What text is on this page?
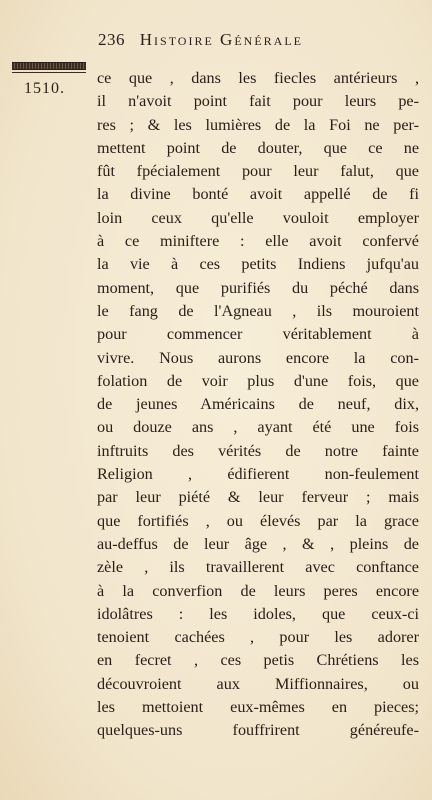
236 Histoire Générale
1510.
ce que , dans les fiecles antérieurs ,
il n'avoit point fait pour leurs pe-
res ; & les lumières de la Foi ne per-
mettent point de douter, que ce ne
fût fpécialement pour leur falut, que
la divine bonté avoit appellé de fi
loin ceux qu'elle vouloit employer
à ce miniftere : elle avoit confervé
la vie à ces petits Indiens jufqu'au
moment, que purifiés du péché dans
le fang de l'Agneau , ils mouroient
pour commencer véritablement à
vivre. Nous aurons encore la con-
folation de voir plus d'une fois, que
de jeunes Américains de neuf, dix,
ou douze ans , ayant été une fois
inftruits des vérités de notre fainte
Religion , édifierent non-feulement
par leur piété & leur ferveur ; mais
que fortifiés , ou élevés par la grace
au-deffus de leur âge , & , pleins de
zèle , ils travaillerent avec conftance
à la converfion de leurs peres encore
idolâtres : les idoles, que ceux-ci
tenoient cachées , pour les adorer
en fecret , ces petis Chrétiens les
découvroient aux Miffionnaires, ou
les mettoient eux-mêmes en pieces;
quelques-uns fouffrirent généreufe-
